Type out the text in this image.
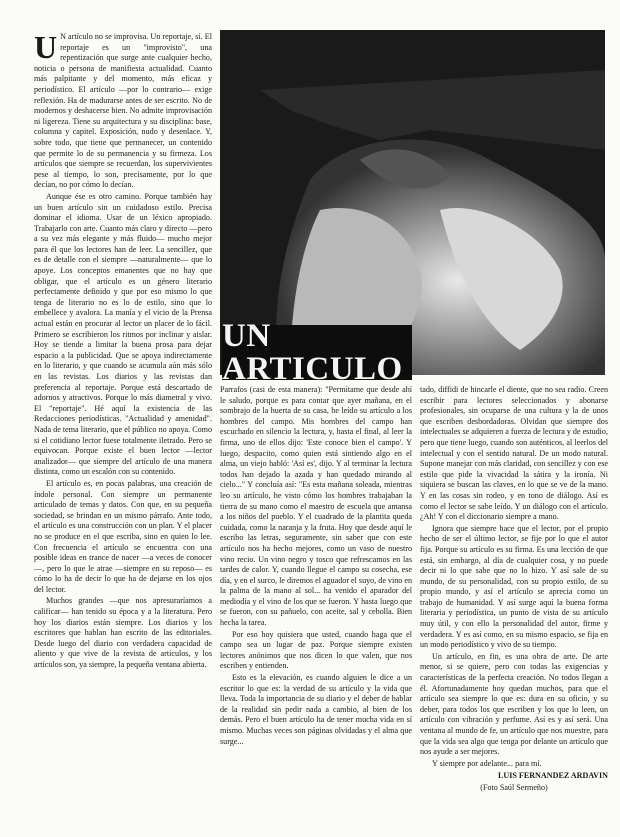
U N artículo no se improvisa. Un reportaje, sí. El reportaje es un "improvisto", una repentización que surge ante cualquier hecho, noticia o persona de manifiesta actualidad. Cuanto más palpitante y del momento, más eficaz y periodístico. El artículo —por lo contrario— exige reflexión. Ha de madurarse antes de ser escrito. No de modernos y deshacerse bien. No admite improvisación ni ligereza. Tiene su arquitectura y su disciplina: base, columna y capitel. Exposición, nudo y desenlace. Y, sobre todo, que tiene que permanecer, un contenido que permite lo de su permanencia y su firmeza. Los artículos que siempre se recuerdan, los supervivientes pese al tiempo, lo son, precisamente, por lo que decían, no por cómo lo decían.

Aunque ése es otro camino. Porque también hay un buen artículo sin un cuidadoso estilo. Precisa dominar el idioma. Usar de un léxico apropiado. Trabajarlo con arte. Cuanto más claro y directo —pero a su vez más elegante y más fluido— mucho mejor para él que los lectores han de leer. La sencillez, que es de detalle con el siempre —naturalmente— que lo apoye. Los conceptos emanentes que no hay que obligar, que el artículo es un género literario perfectamente definido y que por eso mismo lo que tenga de literario no es lo de estilo, sino que lo embellece y avalora. La manía y el vicio de la Prensa actual están en procurar al lector un placer de lo fácil. Primero se escribieron los ritmos por inclinar y aislar. Hoy se tiende a limitar la buena prosa para dejar espacio a la publicidad. Que se apoya indirectamente en lo literario, y que cuando se acumula aún más sólo en las revistas. Los diarios y las revistas dan preferencia al reportaje. Porque está descartado de adornos y atractivos. Porque lo más diametral y vivo. El "reportaje". Hé aquí la existencia de las Redacciones periodísticas. "Actualidad y amenidad". Nada de tema literario, que el público no apoya. Como si el cotidiano lector fuese totalmente iletrado. Pero se equivocan. Porque existe el buen lector —lector analizador— que siempre del artículo de una manera distinta, como un escalón con su contenido.

El artículo es, en pocas palabras, una creación de índole personal. Con siempre un permanente articulado de temas y datos. Con que, en su pequeña sociedad, se brindan en un mismo párrafo. Ante todo, el artículo es una construcción con un plan. Y el placer no se produce en el que escriba, sino en quien lo lee. Con frecuencia el artículo se encuentra con una posible ideas en trance de nacer —a veces de conocer—, pero lo que le atrae —siempre en su reposo— es cómo lo ha de decir lo que ha de dejarse en los ojos del lector.

Muchos grandes —que nos apresuraríamos a calificar— han tenido su época y a la literatura. Pero hoy los diarios están siempre. Los diarios y los escritores que hablan han escrito de las editoriales. Desde luego del diario con verdadera capacidad de aliento y que vive de la revista de artículos, y los artículos son, ya siempre, la pequeña ventana abierta.

UN ARTICULO

Parrafos (casi de esta manera): "Permítame que desde ahí le saludo, porque es para contar que ayer mañana, en el sombrajo de la huerta de su casa, he leído su artículo a los hombres del campo. Mis hombres del campo han escuchado en silencio la lectura, y, hasta el final, al leer la firma, uno de ellos dijo: 'Este conoce bien el campo'. Y luego, despacito, como quien está sintiendo algo en el alma, un viejo habló: 'Así es', dijo. Y al terminar la lectura todos han dejado la azada y han quedado mirando al cielo..." Y concluía así: "Es esta mañana soleada, mientras leo su artículo, he visto cómo los hombres trabajaban la tierra de su mano como el maestro de escuela que amansa a los niños del pueblo. Y el cuadrado de la plantita queda cuidada, como la naranja y la fruta. Hoy que desde aquí le escribo las letras, seguramente, sin saber que con este artículo nos ha hecho mejores, como un vaso de nuestro vino recio. Un vino negro y tosco que refrescamos en las tardes de calor. Y, cuando llegue el campo su cosecha, ese día, y en el surco, le diremos el aguador el suyo, de vino en la palma de la mano al sol... ha venido el aparador del mediodía y el vino de los que se fueron. Y hasta luego que se fueron, con su pañuelo, con aceite, sal y cebolla. Bien hecha la tarea.

Por eso hoy quisiera que usted, cuando haga que el campo sea un lugar de paz. Porque siempre existen lectores anónimos que nos dicen lo que valen, que nos escriben y entienden.

Esto es la elevación, es cuando alguien le dice a un escritor lo que es: la verdad de su artículo y la vida que lleva. Toda la importancia de su diario y el deber de hablar de la realidad sin pedir nada a cambio, al bien de los demás. Pero el buen artículo ha de tener mucha vida en sí mismo. Muchas veces son páginas olvidadas y el alma que surge...

tado, diffidi de hincarle el diente, que no sea radio. Creen escribir para lectores seleccionados y abonarse profesionales, sin ocuparse de una cultura y la de unos que escriben desbordadoras. Olvidan que siempre dos intelectuales se adquieren a fuerza de lectura y de estudio, pero que tiene luego, cuando son auténticos, al leerlos del intelectual y con el sentido natural. De un modo natural. Supone manejar con más claridad, con sencillez y con ese estilo que pide la vivacidad la sátira y la ironía. Ni siquiera se buscan las claves, en lo que se ve de la mano. Y en las cosas sin rodeo, y en tono de diálogo. Así es como el lector se sabe leído. Y un diálogo con el artículo. ¿Ah! Y con el diccionario siempre a mano.

Ignora que siempre hace que el lector, por el propio hecho de ser el último lector, se fije por lo que el autor fija. Porque su artículo es su firma. Es una lección de que está, sin embargo, al día de cualquier cosa, y no puede decir ni lo que sabe que no lo hizo. Y así sale de su mundo, de su personalidad, con su propio estilo, de su propio mundo, y así el artículo se aprecia como un trabajo de humanidad. Y así surge aquí la buena forma literaria y periodística, un punto de vista de su artículo muy útil, y con ello la personalidad del autor, firme y verdadera. Y es así como, en su mismo espacio, se fija en un modo periodístico y vivo de su tiempo.

Un artículo, en fin, es una obra de arte. De arte menor, si se quiere, pero con todas las exigencias y características de la perfecta creación. No todos llegan a él. Afortunadamente hoy quedan muchos, para que el artículo sea siempre lo que es: dura en su oficio, y su deber, para todos los que escriben y los que lo leen, un artículo con vibración y perfume. Así es y así será. Una ventana al mundo de fe, un artículo que nos muestre, para que la vida sea algo que tenga por delante un artículo que nos ayude a ser mejores.

Y siempre por adelante... para mí.

LUIS FERNANDEZ ARDAVIN

(Foto Saúl Sermeño)
